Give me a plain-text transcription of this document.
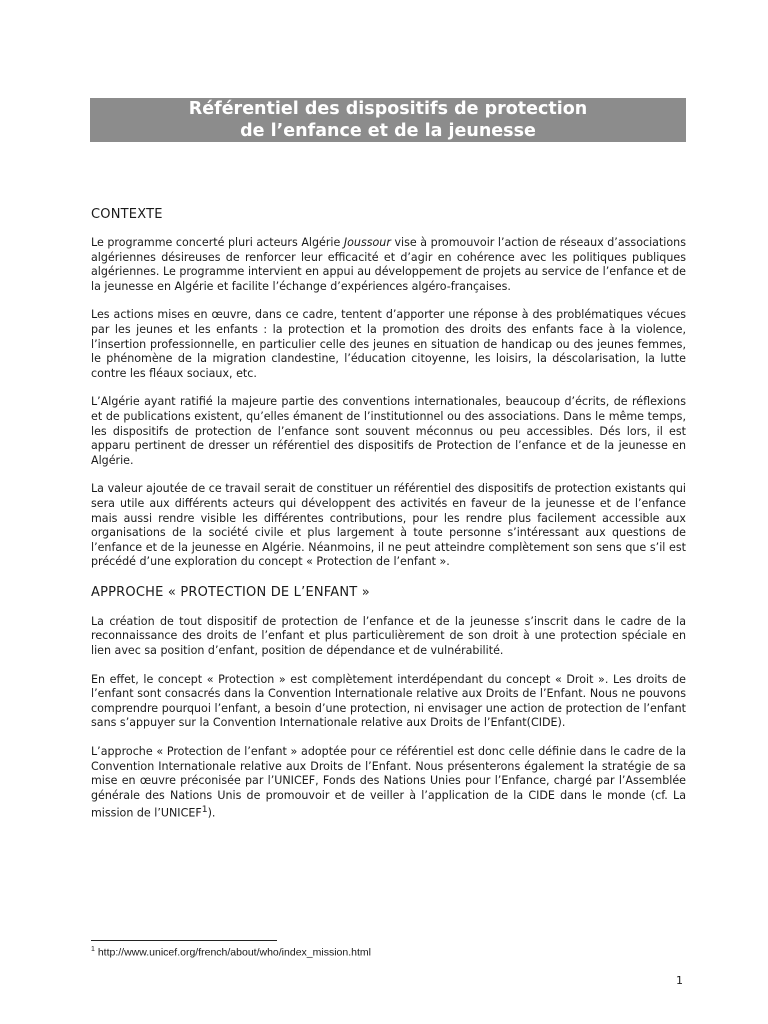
Référentiel des dispositifs de protection
de l’enfance et de la jeunesse
CONTEXTE

Le programme concerté pluri acteurs Algérie Joussour vise à promouvoir l’action de réseaux d’associations algériennes désireuses de renforcer leur efficacité et d’agir en cohérence avec les politiques publiques algériennes. Le programme intervient en appui au développement de projets au service de l’enfance et de la jeunesse en Algérie et facilite l’échange d’expériences algéro-françaises.

Les actions mises en œuvre, dans ce cadre, tentent d’apporter une réponse à des problématiques vécues par les jeunes et les enfants : la protection et la promotion des droits des enfants face à la violence, l’insertion professionnelle, en particulier celle des jeunes en situation de handicap ou des jeunes femmes, le phénomène de la migration clandestine, l’éducation citoyenne, les loisirs, la déscolarisation, la lutte contre les fléaux sociaux, etc.

L’Algérie ayant ratifié la majeure partie des conventions internationales, beaucoup d’écrits, de réflexions et de publications existent, qu’elles émanent de l’institutionnel ou des associations. Dans le même temps, les dispositifs de protection de l’enfance sont souvent méconnus ou peu accessibles. Dés lors, il est apparu pertinent de dresser un référentiel des dispositifs de Protection de l’enfance et de la jeunesse en Algérie.

La valeur ajoutée de ce travail serait de constituer un référentiel des dispositifs de protection existants qui sera utile aux différents acteurs qui développent des activités en faveur de la jeunesse et de l’enfance mais aussi rendre visible les différentes contributions, pour les rendre plus facilement accessible aux organisations de la société civile et plus largement à toute personne s’intéressant aux questions de l’enfance et de la jeunesse en Algérie. Néanmoins, il ne peut atteindre complètement son sens que s’il est précédé d’une exploration du concept « Protection de l’enfant ».

APPROCHE « PROTECTION DE L’ENFANT »

La création de tout dispositif de protection de l’enfance et de la jeunesse s’inscrit dans le cadre de la reconnaissance des droits de l’enfant et plus particulièrement de son droit à une protection spéciale en lien avec sa position d’enfant, position de dépendance et de vulnérabilité.

En effet, le concept « Protection » est complètement interdépendant du concept « Droit ». Les droits de l’enfant sont consacrés dans la Convention Internationale relative aux Droits de l’Enfant. Nous ne pouvons comprendre pourquoi l’enfant, a besoin d’une protection, ni envisager une action de protection de l’enfant sans s’appuyer sur la Convention Internationale relative aux Droits de l’Enfant(CIDE).

L’approche « Protection de l’enfant » adoptée pour ce référentiel est donc celle définie dans le cadre de la Convention Internationale relative aux Droits de l’Enfant. Nous présenterons également la stratégie de sa mise en œuvre préconisée par l’UNICEF, Fonds des Nations Unies pour l’Enfance, chargé par l’Assemblée générale des Nations Unis de promouvoir et de veiller à l’application de la CIDE dans le monde (cf. La mission de l’UNICEF$^1$).

$^1$ http://www.unicef.org/french/about/who/index_mission.html
1
